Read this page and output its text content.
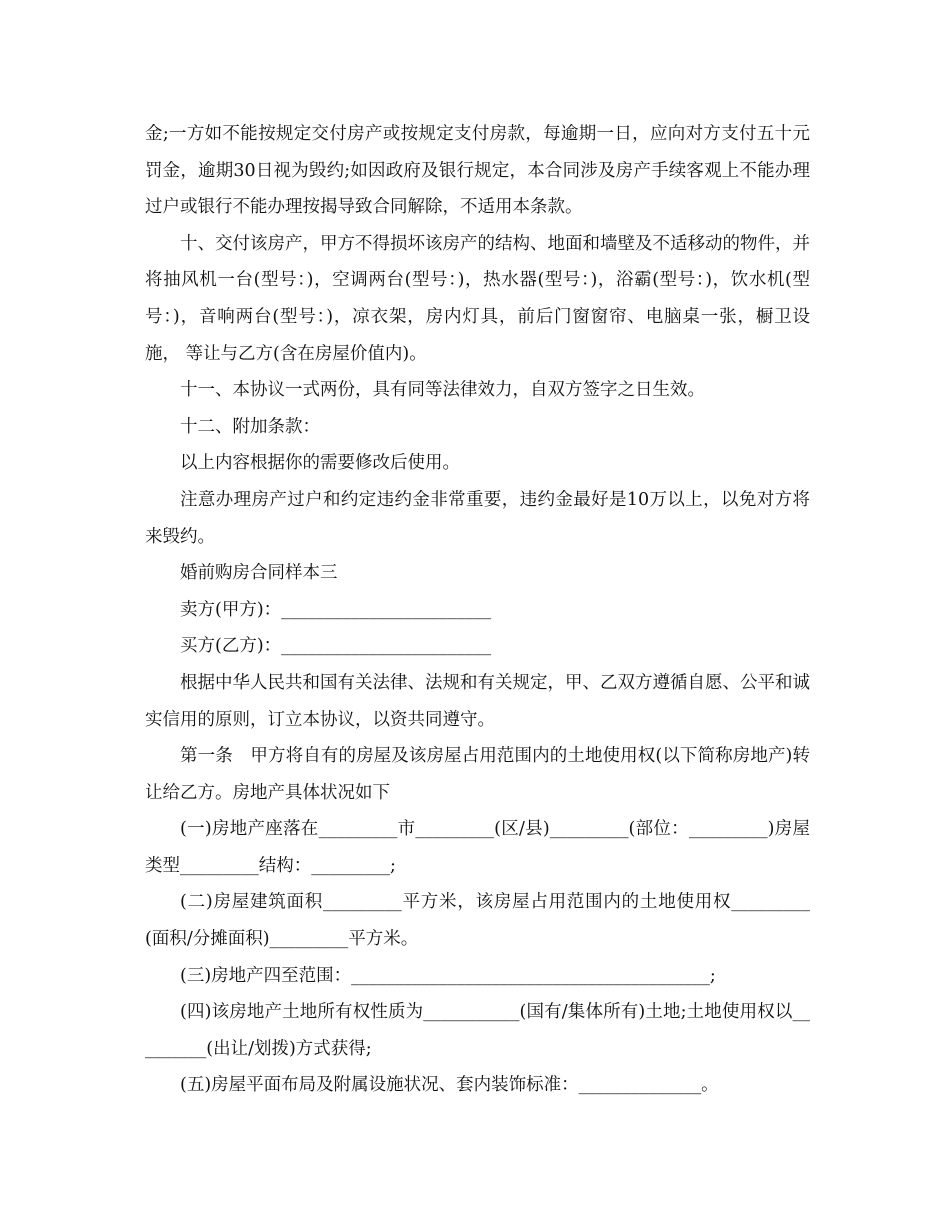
金;一方如不能按规定交付房产或按规定支付房款，每逾期一日，应向对方支付五十元罚金，逾期30日视为毁约;如因政府及银行规定，本合同涉及房产手续客观上不能办理过户或银行不能办理按揭导致合同解除，不适用本条款。

十、交付该房产，甲方不得损坏该房产的结构、地面和墙壁及不适移动的物件，并将抽风机一台(型号：)，空调两台(型号：)，热水器(型号：)，浴霸(型号：)，饮水机(型号：)，音响两台(型号：)，凉衣架，房内灯具，前后门窗窗帘、电脑桌一张，橱卫设施， 等让与乙方(含在房屋价值内)。

十一、本协议一式两份，具有同等法律效力，自双方签字之日生效。

十二、附加条款：

以上内容根据你的需要修改后使用。

注意办理房产过户和约定违约金非常重要，违约金最好是10万以上，以免对方将来毁约。

婚前购房合同样本三

卖方(甲方)：________________________

买方(乙方)：________________________

根据中华人民共和国有关法律、法规和有关规定，甲、乙双方遵循自愿、公平和诚实信用的原则，订立本协议，以资共同遵守。

第一条　甲方将自有的房屋及该房屋占用范围内的土地使用权(以下简称房地产)转让给乙方。房地产具体状况如下

(一)房地产座落在_________市_________(区/县)_________(部位：_________)房屋类型_________结构：_________;

(二)房屋建筑面积_________平方米，该房屋占用范围内的土地使用权_________(面积/分摊面积)_________平方米。

(三)房地产四至范围：_________________________________________;

(四)该房地产土地所有权性质为___________(国有/集体所有)土地;土地使用权以_________(出让/划拨)方式获得;

(五)房屋平面布局及附属设施状况、套内装饰标准：______________。
